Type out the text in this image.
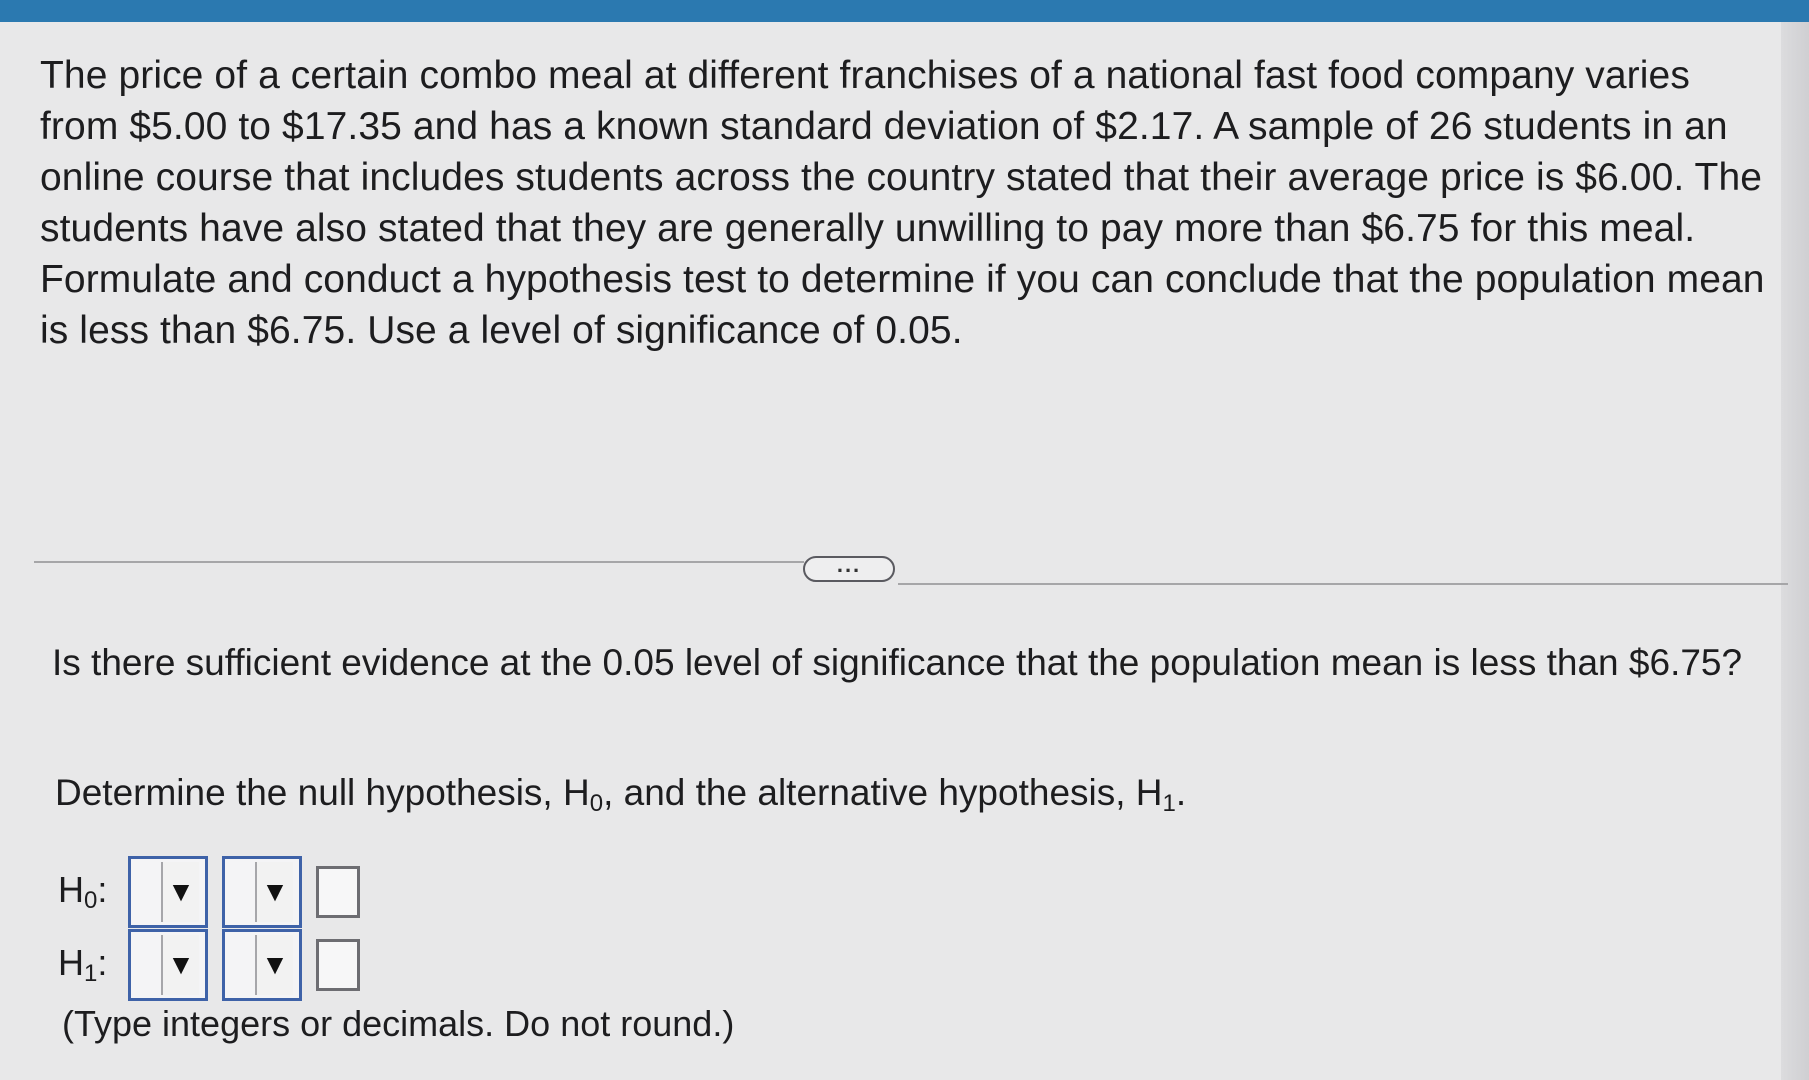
The price of a certain combo meal at different franchises of a national fast food company varies from $5.00 to $17.35 and has a known standard deviation of $2.17. A sample of 26 students in an online course that includes students across the country stated that their average price is $6.00. The students have also stated that they are generally unwilling to pay more than $6.75 for this meal. Formulate and conduct a hypothesis test to determine if you can conclude that the population mean is less than $6.75. Use a level of significance of 0.05.

...

Is there sufficient evidence at the 0.05 level of significance that the population mean is less than $6.75?

Determine the null hypothesis, $H_0$, and the alternative hypothesis, $H_1$.

$H_0$:	▼ ▼
$H_1$:	▼ ▼

(Type integers or decimals. Do not round.)
